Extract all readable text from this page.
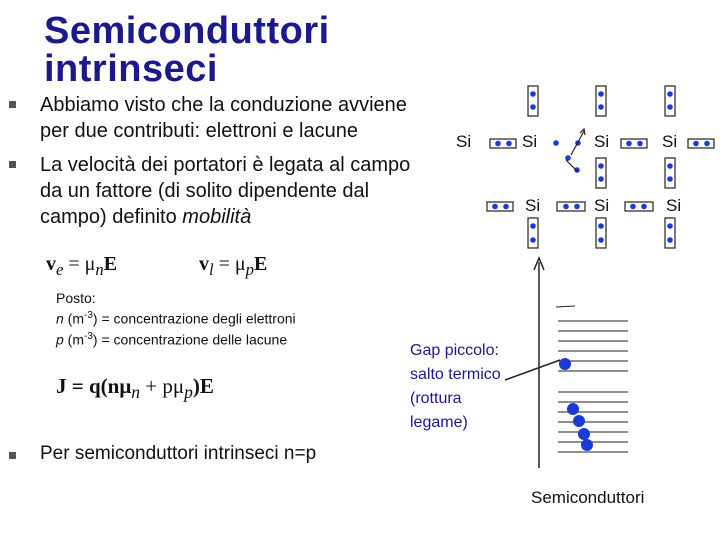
Semiconduttori
intrinseci
Abbiamo visto che la conduzione avviene
per due contributi: elettroni e lacune
La velocità dei portatori è legata al campo
da un fattore (di solito dipendente dal
campo) definito mobilità
$v_e = \mu_nE$	$v_l = \mu_pE$
Posto:
n $(m^{-3})$ = concentrazione degli elettroni
p $(m^{-3})$ = concentrazione delle lacune
$J = q(n\mu_n + p\mu_p)E$
Per semiconduttori intrinseci n=p
Gap piccolo:
salto termico
(rottura
legame)
Semiconduttori
Si	Si	Si	Si
Si	Si	Si
